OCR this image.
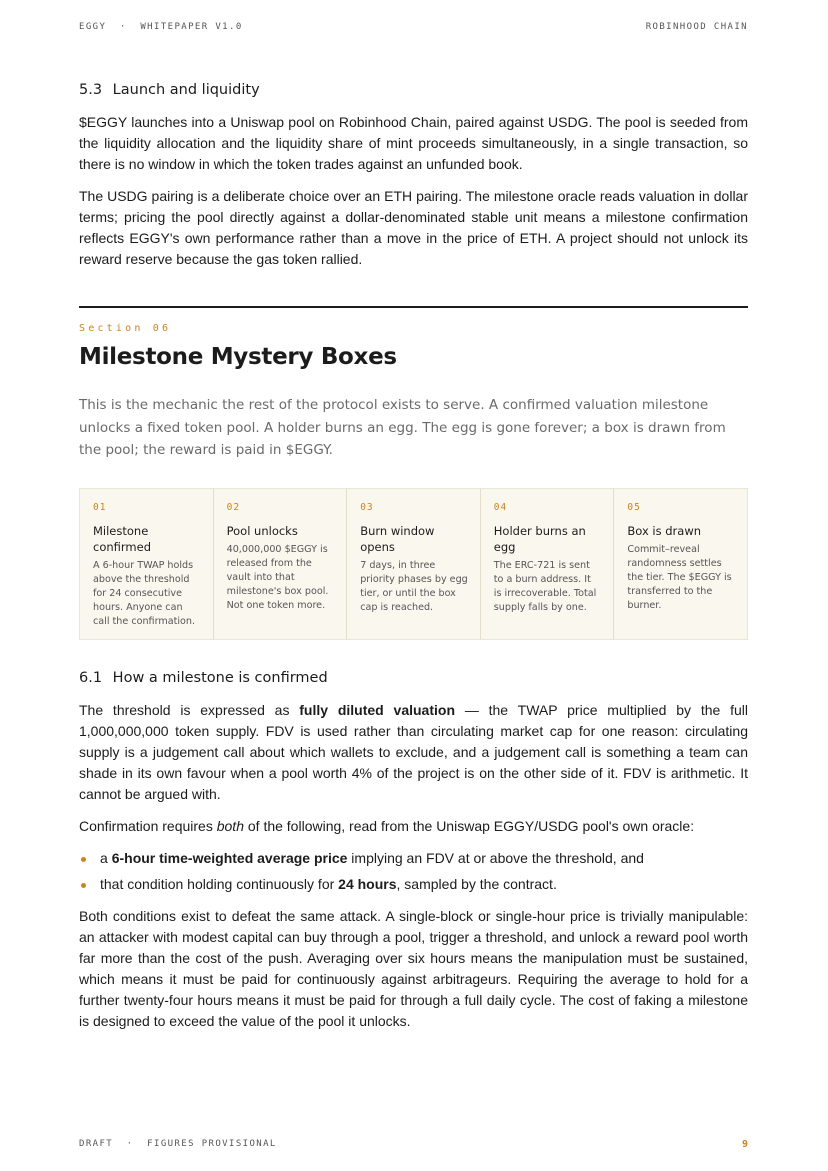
EGGY  ·  WHITEPAPER V1.0	ROBINHOOD CHAIN
5.3 Launch and liquidity

$EGGY launches into a Uniswap pool on Robinhood Chain, paired against USDG. The pool is seeded from the liquidity allocation and the liquidity share of mint proceeds simultaneously, in a single transaction, so there is no window in which the token trades against an unfunded book.

The USDG pairing is a deliberate choice over an ETH pairing. The milestone oracle reads valuation in dollar terms; pricing the pool directly against a dollar-denominated stable unit means a milestone confirmation reflects EGGY's own performance rather than a move in the price of ETH. A project should not unlock its reward reserve because the gas token rallied.

Section 06
Milestone Mystery Boxes

This is the mechanic the rest of the protocol exists to serve. A confirmed valuation milestone unlocks a fixed token pool. A holder burns an egg. The egg is gone forever; a box is drawn from the pool; the reward is paid in $EGGY.

01
Milestone confirmed
A 6-hour TWAP holds above the threshold for 24 consecutive hours. Anyone can call the confirmation.
02
Pool unlocks
40,000,000 $EGGY is released from the vault into that milestone's box pool. Not one token more.
03
Burn window opens
7 days, in three priority phases by egg tier, or until the box cap is reached.
04
Holder burns an egg
The ERC-721 is sent to a burn address. It is irrecoverable. Total supply falls by one.
05
Box is drawn
Commit–reveal randomness settles the tier. The $EGGY is transferred to the burner.
6.1 How a milestone is confirmed

The threshold is expressed as fully diluted valuation — the TWAP price multiplied by the full 1,000,000,000 token supply. FDV is used rather than circulating market cap for one reason: circulating supply is a judgement call about which wallets to exclude, and a judgement call is something a team can shade in its own favour when a pool worth 4% of the project is on the other side of it. FDV is arithmetic. It cannot be argued with.

Confirmation requires both of the following, read from the Uniswap EGGY/USDG pool's own oracle:

a 6-hour time-weighted average price implying an FDV at or above the threshold, and
that condition holding continuously for 24 hours, sampled by the contract.

Both conditions exist to defeat the same attack. A single-block or single-hour price is trivially manipulable: an attacker with modest capital can buy through a pool, trigger a threshold, and unlock a reward pool worth far more than the cost of the push. Averaging over six hours means the manipulation must be sustained, which means it must be paid for continuously against arbitrageurs. Requiring the average to hold for a further twenty-four hours means it must be paid for through a full daily cycle. The cost of faking a milestone is designed to exceed the value of the pool it unlocks.

DRAFT  ·  FIGURES PROVISIONAL	9
